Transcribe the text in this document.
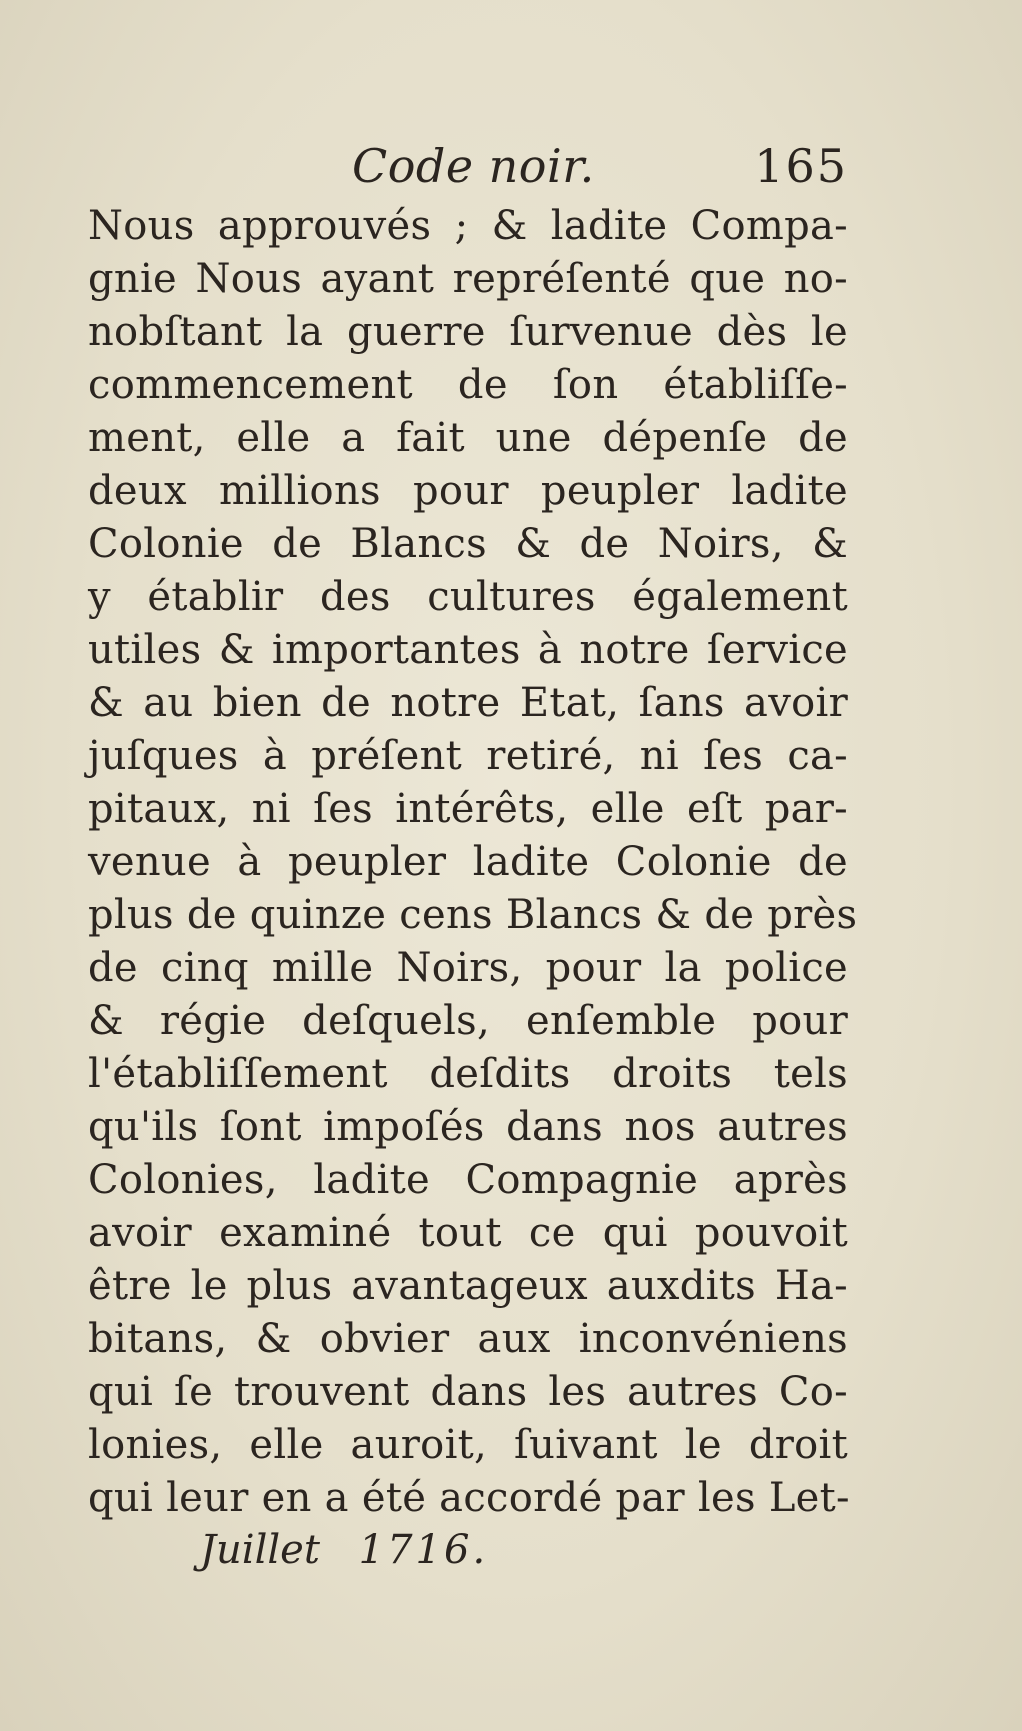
Code noir.	165
Nous approuvés ; & ladite Compa-
gnie Nous ayant repréſenté que no-
nobſtant la guerre ſurvenue dès le
commencement de ſon établiſſe-
ment, elle a fait une dépenſe de
deux millions pour peupler ladite
Colonie de Blancs & de Noirs, &
y établir des cultures également
utiles & importantes à notre ſervice
& au bien de notre Etat, ſans avoir
juſques à préſent retiré, ni ſes ca-
pitaux, ni ſes intérêts, elle eſt par-
venue à peupler ladite Colonie de
plus de quinze cens Blancs & de près
de cinq mille Noirs, pour la police
& régie deſquels, enſemble pour
l'établiſſement deſdits droits tels
qu'ils ſont impoſés dans nos autres
Colonies, ladite Compagnie après
avoir examiné tout ce qui pouvoit
être le plus avantageux auxdits Ha-
bitans, & obvier aux inconvéniens
qui ſe trouvent dans les autres Co-
lonies, elle auroit, ſuivant le droit
qui leur en a été accordé par les Let-
Juillet 1716.
